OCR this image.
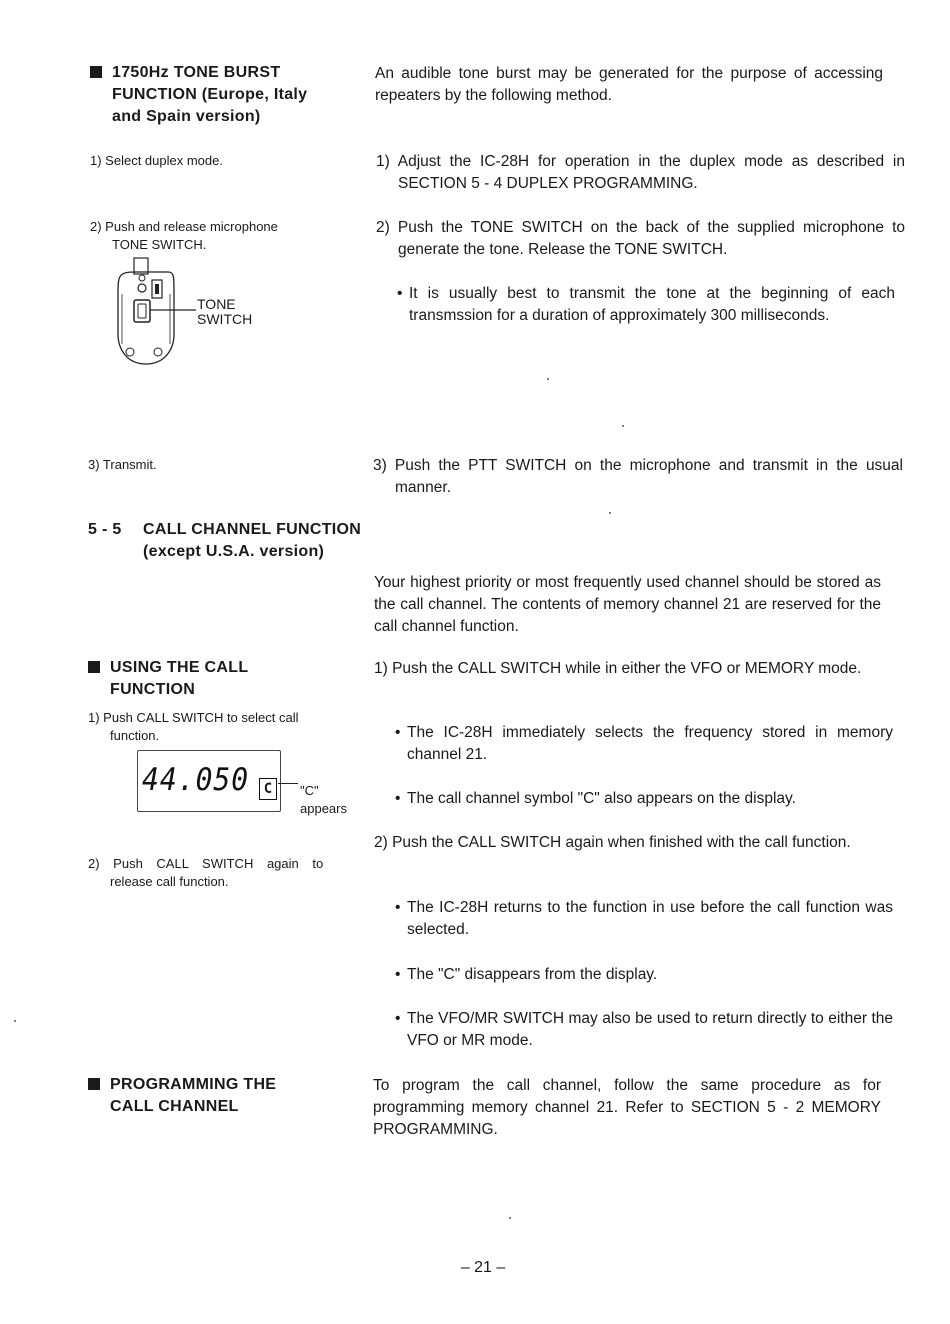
1750Hz TONE BURST
FUNCTION (Europe, Italy
and Spain version)
An audible tone burst may be generated for the purpose of accessing repeaters by the following method.
1) Select duplex mode.	1) Adjust the IC-28H for operation in the duplex mode as described in SECTION 5 - 4 DUPLEX PROGRAMMING.
2) Push and release microphone
TONE SWITCH.
TONE
SWITCH
2) Push the TONE SWITCH on the back of the supplied microphone to generate the tone. Release the TONE SWITCH.
• It is usually best to transmit the tone at the beginning of each transmssion for a duration of approximately 300 milliseconds.
3) Transmit.	3) Push the PTT SWITCH on the microphone and transmit in the usual manner.
5 - 5 CALL CHANNEL FUNCTION
(except U.S.A. version)
Your highest priority or most frequently used channel should be stored as the call channel. The contents of memory channel 21 are reserved for the call channel function.
USING THE CALL
FUNCTION
1) Push CALL SWITCH to select call
function.
44.050	C	"C"
appears
2) Push CALL SWITCH again to
release call function.
1) Push the CALL SWITCH while in either the VFO or MEMORY mode.
• The IC-28H immediately selects the frequency stored in memory channel 21.
• The call channel symbol "C" also appears on the display.
2) Push the CALL SWITCH again when finished with the call function.
• The IC-28H returns to the function in use before the call function was selected.
• The "C" disappears from the display.
• The VFO/MR SWITCH may also be used to return directly to either the VFO or MR mode.
PROGRAMMING THE
CALL CHANNEL
To program the call channel, follow the same procedure as for programming memory channel 21. Refer to SECTION 5 - 2 MEMORY PROGRAMMING.
– 21 –
